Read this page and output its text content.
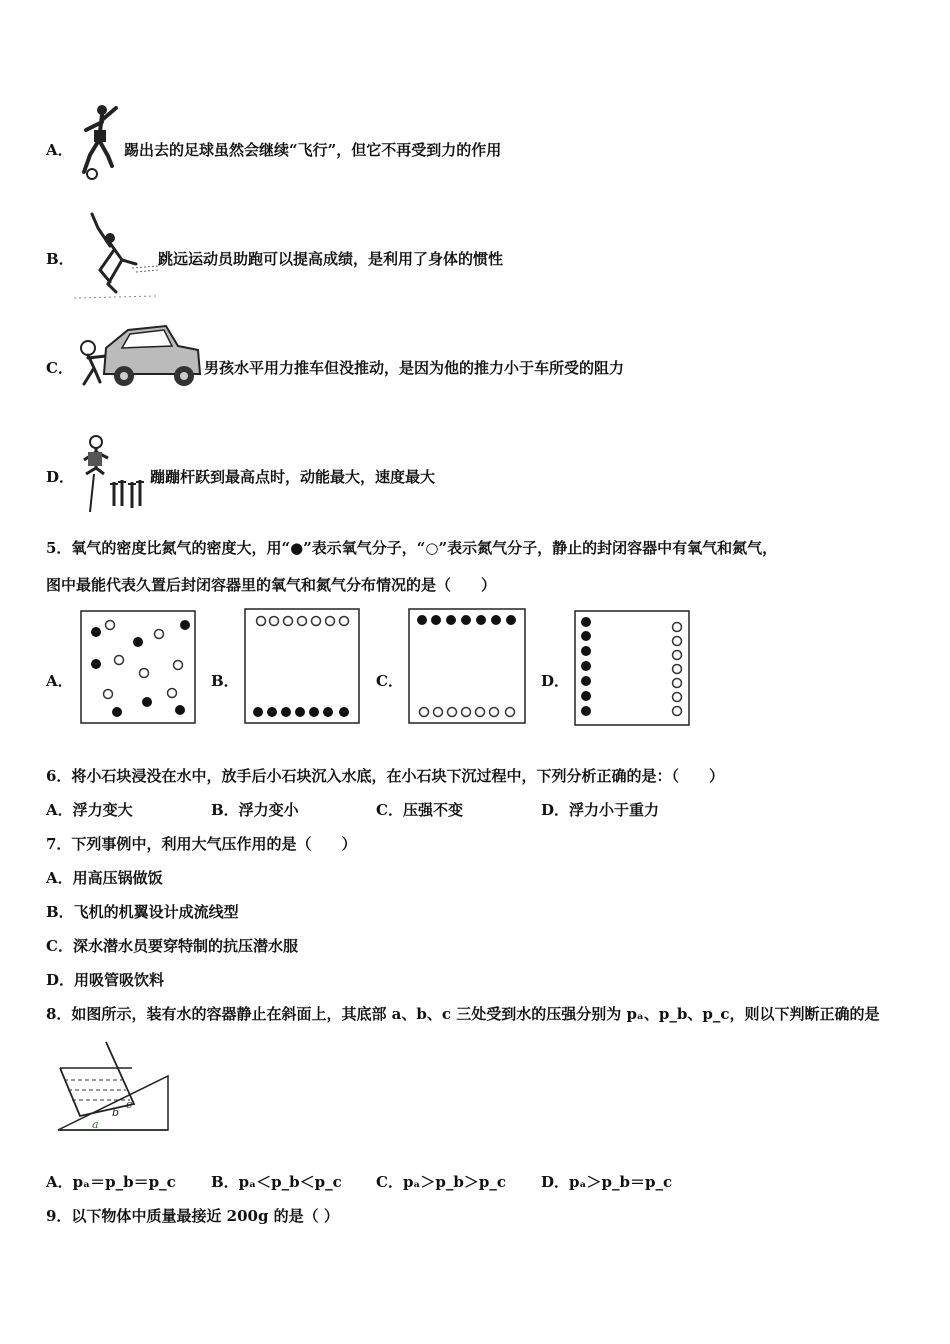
A．	踢出去的足球虽然会继续“飞行”，但它不再受到力的作用
B．	跳远运动员助跑可以提高成绩，是利用了身体的惯性
C．	男孩水平用力推车但没推动，是因为他的推力小于车所受的阻力
D．	蹦蹦杆跃到最高点时，动能最大，速度最大
5．氧气的密度比氮气的密度大，用“●”表示氧气分子，“○”表示氮气分子，静止的封闭容器中有氧气和氮气，
图中最能代表久置后封闭容器里的氧气和氮气分布情况的是（　　）
A．	B．	C．	D．
6．将小石块浸没在水中，放手后小石块沉入水底，在小石块下沉过程中，下列分析正确的是：（　　）
A．浮力变大	B．浮力变小	C．压强不变	D．浮力小于重力
7．下列事例中，利用大气压作用的是（　　）
A．用高压锅做饭
B．飞机的机翼设计成流线型
C．深水潜水员要穿特制的抗压潜水服
D．用吸管吸饮料
8．如图所示，装有水的容器静止在斜面上，其底部 a、b、c 三处受到水的压强分别为 pₐ、p_b、p_c，则以下判断正确的是
a
b
c
A．pₐ＝p_b＝p_c B．pₐ＜p_b＜p_c C．pₐ＞p_b＞p_c D．pₐ＞p_b＝p_c
9．以下物体中质量最接近 200g 的是（ ）
